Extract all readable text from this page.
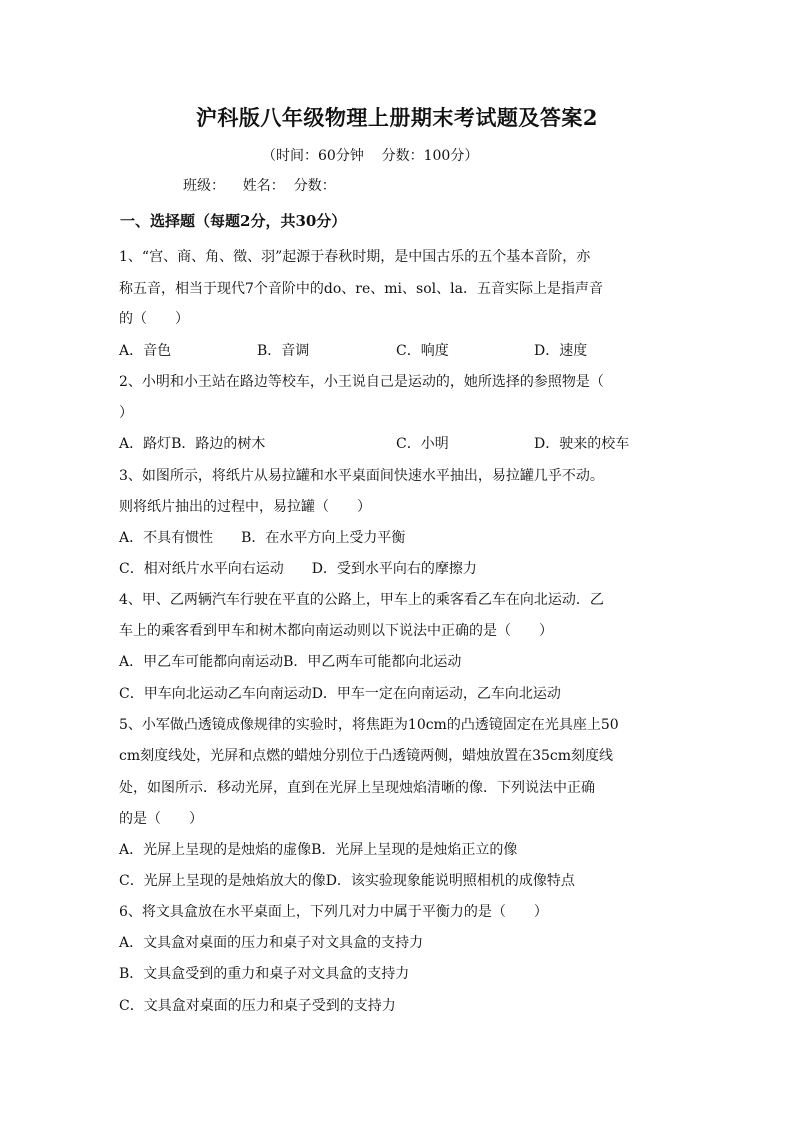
沪科版八年级物理上册期末考试题及答案2
（时间：60分钟    分数：100分）
班级：    姓名：  分数：
一、选择题（每题2分，共30分）
1、“宫、商、角、徵、羽”起源于春秋时期，是中国古乐的五个基本音阶，亦
称五音，相当于现代7个音阶中的do、re、mi、sol、la．五音实际上是指声音
的（　　）
A．音色	B．音调	C．响度	D．速度
2、小明和小王站在路边等校车，小王说自己是运动的，她所选择的参照物是（
）
A．路灯B．路边的树木	C．小明	D．驶来的校车
3、如图所示，将纸片从易拉罐和水平桌面间快速水平抽出，易拉罐几乎不动。
则将纸片抽出的过程中，易拉罐（　　）
A．不具有惯性　　B．在水平方向上受力平衡
C．相对纸片水平向右运动　　D．受到水平向右的摩擦力
4、甲、乙两辆汽车行驶在平直的公路上，甲车上的乘客看乙车在向北运动．乙
车上的乘客看到甲车和树木都向南运动则以下说法中正确的是（　　）
A．甲乙车可能都向南运动B．甲乙两车可能都向北运动
C．甲车向北运动乙车向南运动D．甲车一定在向南运动，乙车向北运动
5、小军做凸透镜成像规律的实验时，将焦距为10cm的凸透镜固定在光具座上50
cm刻度线处，光屏和点燃的蜡烛分别位于凸透镜两侧，蜡烛放置在35cm刻度线
处，如图所示．移动光屏，直到在光屏上呈现烛焰清晰的像．下列说法中正确
的是（　　）
A．光屏上呈现的是烛焰的虚像B．光屏上呈现的是烛焰正立的像
C．光屏上呈现的是烛焰放大的像D．该实验现象能说明照相机的成像特点
6、将文具盒放在水平桌面上，下列几对力中属于平衡力的是（　　）
A．文具盒对桌面的压力和桌子对文具盒的支持力
B．文具盒受到的重力和桌子对文具盒的支持力
C．文具盒对桌面的压力和桌子受到的支持力
